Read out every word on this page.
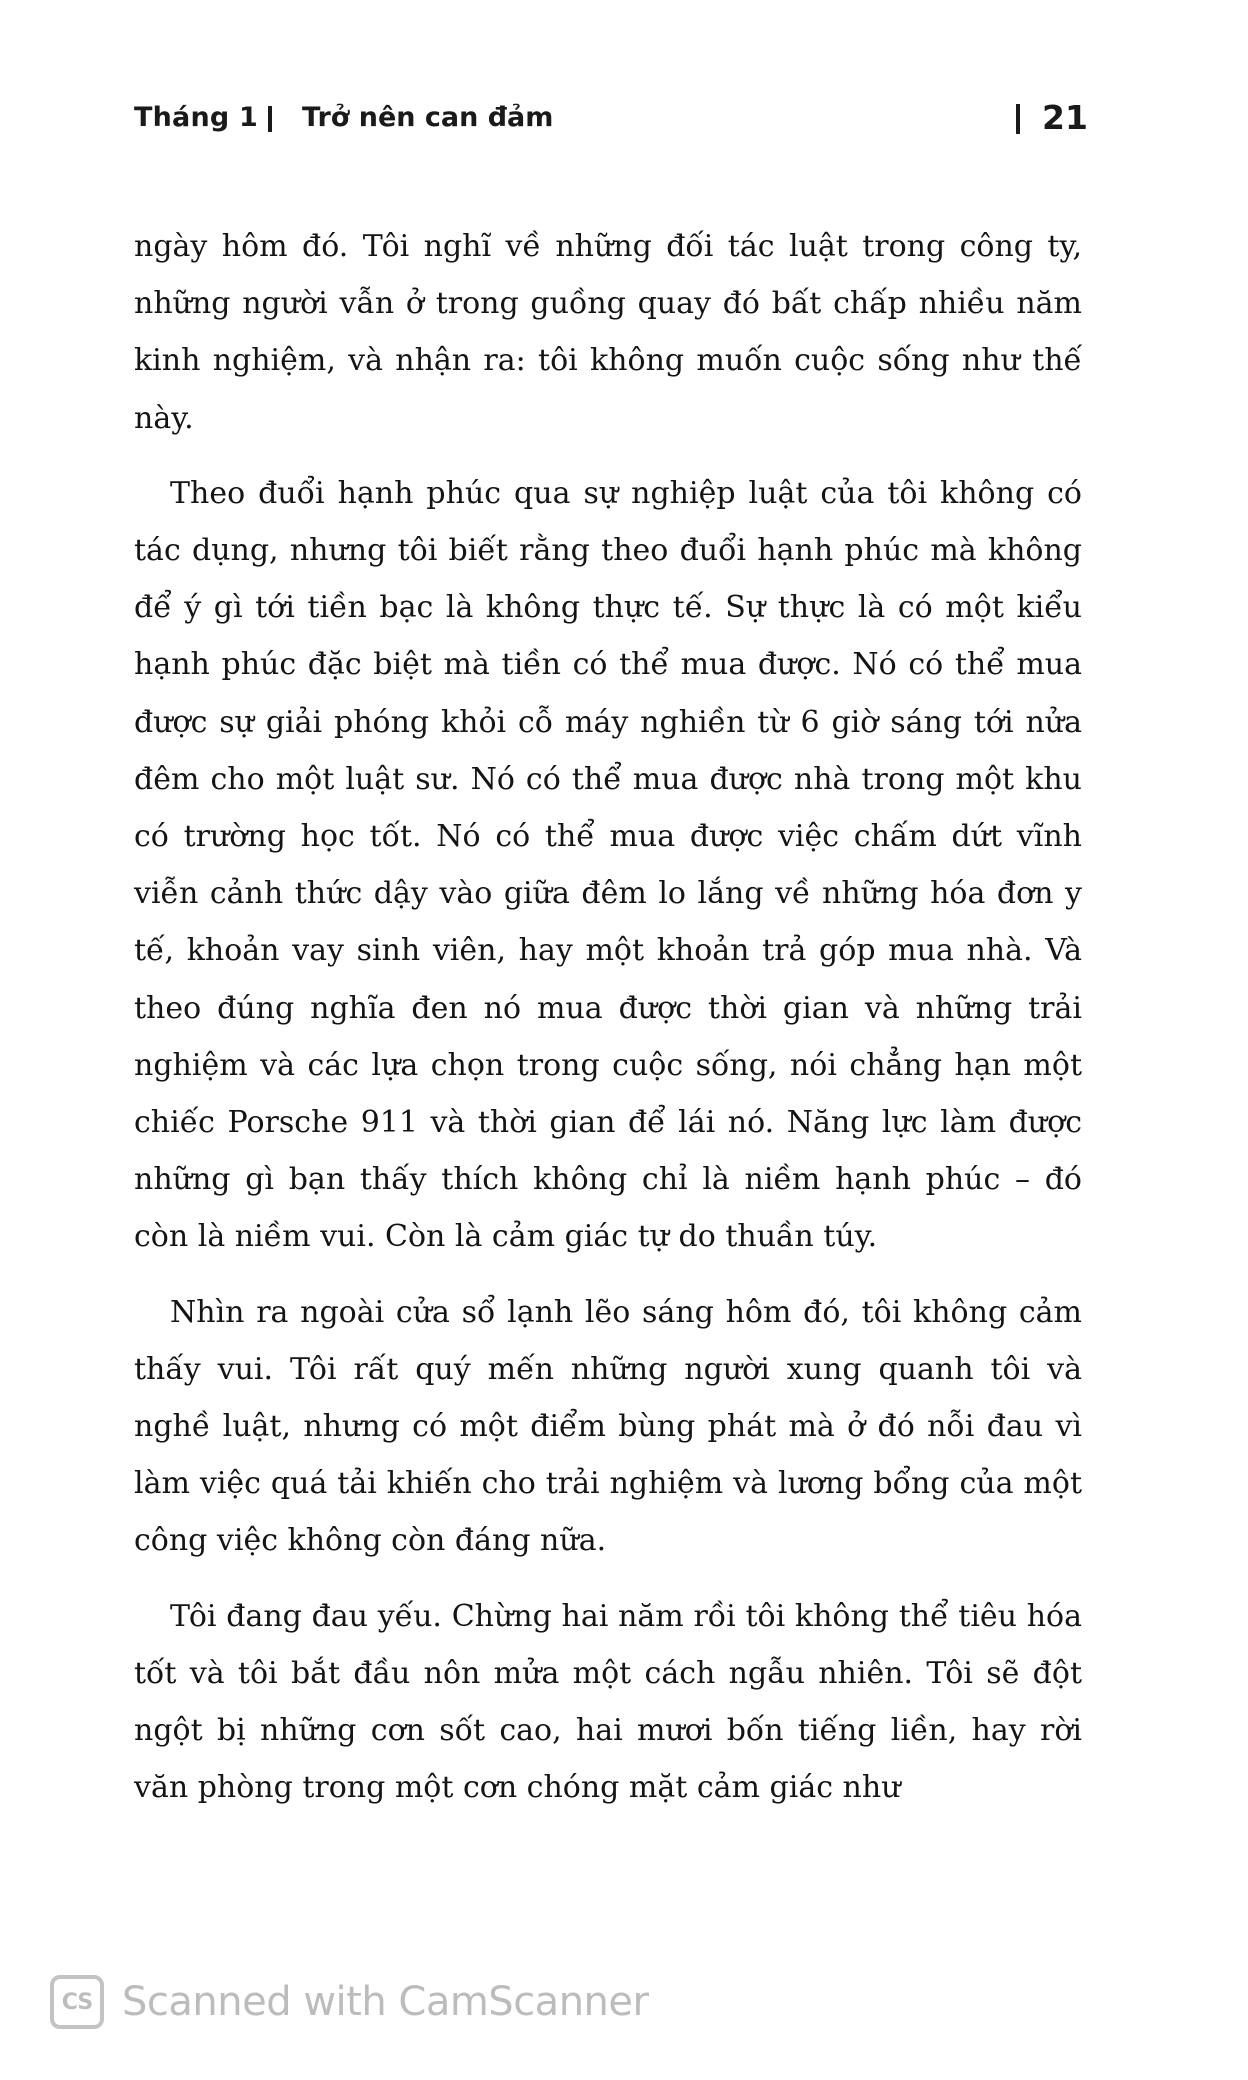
Tháng 1 Trở nên can đảm	21

ngày hôm đó. Tôi nghĩ về những đối tác luật trong công ty, những người vẫn ở trong guồng quay đó bất chấp nhiều năm kinh nghiệm, và nhận ra: tôi không muốn cuộc sống như thế này.

Theo đuổi hạnh phúc qua sự nghiệp luật của tôi không có tác dụng, nhưng tôi biết rằng theo đuổi hạnh phúc mà không để ý gì tới tiền bạc là không thực tế. Sự thực là có một kiểu hạnh phúc đặc biệt mà tiền có thể mua được. Nó có thể mua được sự giải phóng khỏi cỗ máy nghiền từ 6 giờ sáng tới nửa đêm cho một luật sư. Nó có thể mua được nhà trong một khu có trường học tốt. Nó có thể mua được việc chấm dứt vĩnh viễn cảnh thức dậy vào giữa đêm lo lắng về những hóa đơn y tế, khoản vay sinh viên, hay một khoản trả góp mua nhà. Và theo đúng nghĩa đen nó mua được thời gian và những trải nghiệm và các lựa chọn trong cuộc sống, nói chẳng hạn một chiếc Porsche 911 và thời gian để lái nó. Năng lực làm được những gì bạn thấy thích không chỉ là niềm hạnh phúc – đó còn là niềm vui. Còn là cảm giác tự do thuần túy.

Nhìn ra ngoài cửa sổ lạnh lẽo sáng hôm đó, tôi không cảm thấy vui. Tôi rất quý mến những người xung quanh tôi và nghề luật, nhưng có một điểm bùng phát mà ở đó nỗi đau vì làm việc quá tải khiến cho trải nghiệm và lương bổng của một công việc không còn đáng nữa.

Tôi đang đau yếu. Chừng hai năm rồi tôi không thể tiêu hóa tốt và tôi bắt đầu nôn mửa một cách ngẫu nhiên. Tôi sẽ đột ngột bị những cơn sốt cao, hai mươi bốn tiếng liền, hay rời văn phòng trong một cơn chóng mặt cảm giác như

CS Scanned with CamScanner
